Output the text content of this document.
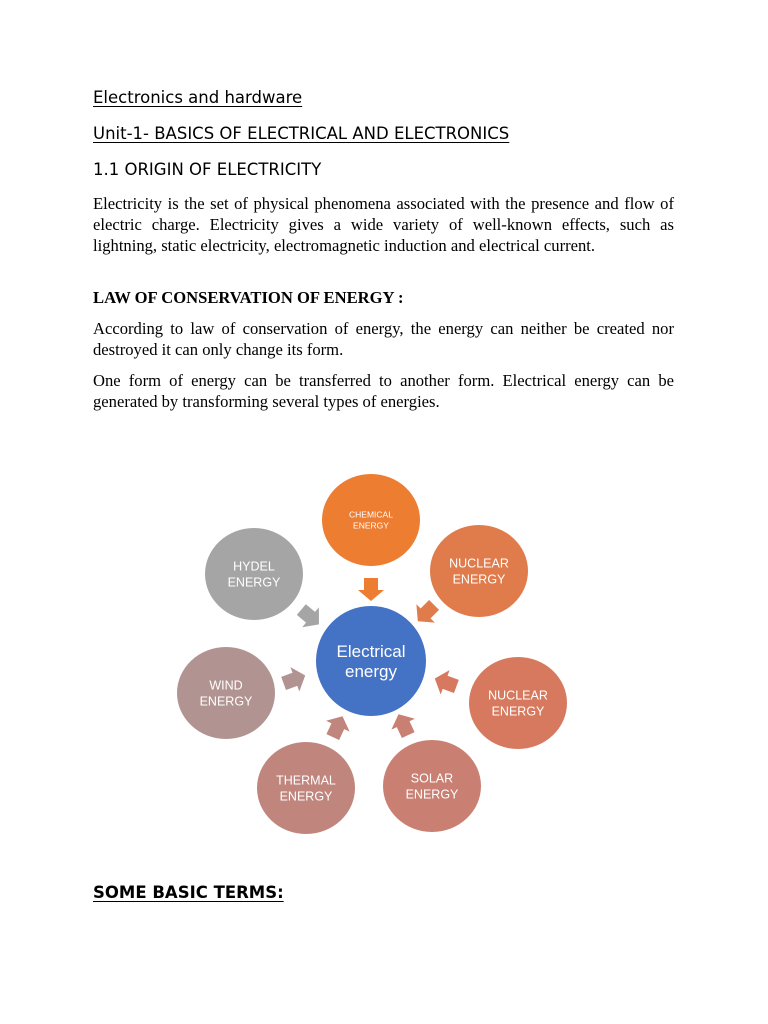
Electronics and hardware
Unit-1- BASICS OF ELECTRICAL AND ELECTRONICS
1.1 ORIGIN OF ELECTRICITY

Electricity is the set of physical phenomena associated with the presence and flow of electric charge. Electricity gives a wide variety of well-known effects, such as lightning, static electricity, electromagnetic induction and electrical current.

LAW OF CONSERVATION OF ENERGY :

According to law of conservation of energy, the energy can neither be created nor destroyed it can only change its form.

One form of energy can be transferred to another form. Electrical energy can be generated by transforming several types of energies.

SOME BASIC TERMS:
CHEMICAL
ENERGY
NUCLEAR
ENERGY
NUCLEAR
ENERGY
SOLAR
ENERGY
THERMAL
ENERGY
WIND
ENERGY
HYDEL
ENERGY
Electrical
energy
